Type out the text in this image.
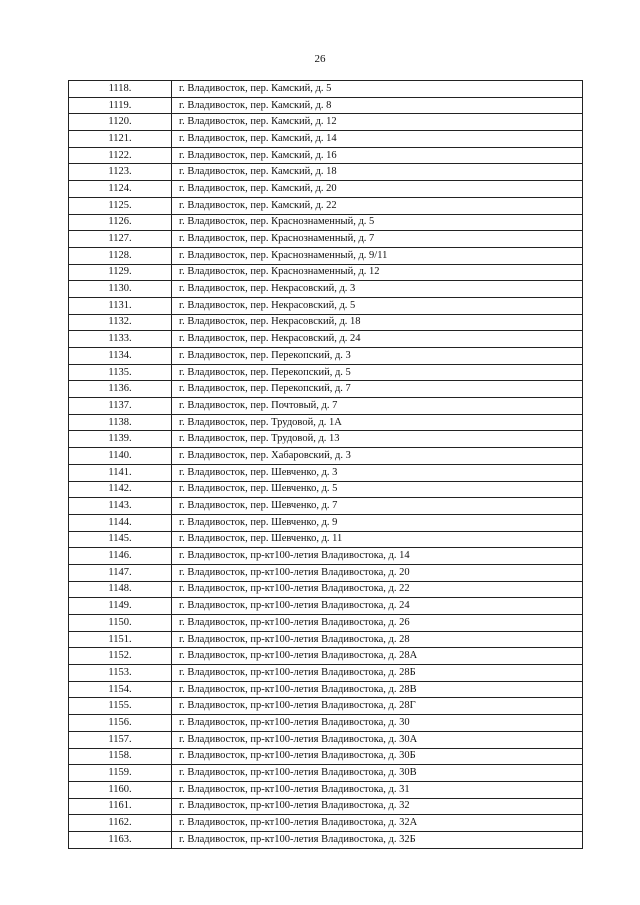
26
1118.	г. Владивосток, пер. Камский, д. 5
1119.	г. Владивосток, пер. Камский, д. 8
1120.	г. Владивосток, пер. Камский, д. 12
1121.	г. Владивосток, пер. Камский, д. 14
1122.	г. Владивосток, пер. Камский, д. 16
1123.	г. Владивосток, пер. Камский, д. 18
1124.	г. Владивосток, пер. Камский, д. 20
1125.	г. Владивосток, пер. Камский, д. 22
1126.	г. Владивосток, пер. Краснознаменный, д. 5
1127.	г. Владивосток, пер. Краснознаменный, д. 7
1128.	г. Владивосток, пер. Краснознаменный, д. 9/11
1129.	г. Владивосток, пер. Краснознаменный, д. 12
1130.	г. Владивосток, пер. Некрасовский, д. 3
1131.	г. Владивосток, пер. Некрасовский, д. 5
1132.	г. Владивосток, пер. Некрасовский, д. 18
1133.	г. Владивосток, пер. Некрасовский, д. 24
1134.	г. Владивосток, пер. Перекопский, д. 3
1135.	г. Владивосток, пер. Перекопский, д. 5
1136.	г. Владивосток, пер. Перекопский, д. 7
1137.	г. Владивосток, пер. Почтовый, д. 7
1138.	г. Владивосток, пер. Трудовой, д. 1А
1139.	г. Владивосток, пер. Трудовой, д. 13
1140.	г. Владивосток, пер. Хабаровский, д. 3
1141.	г. Владивосток, пер. Шевченко, д. 3
1142.	г. Владивосток, пер. Шевченко, д. 5
1143.	г. Владивосток, пер. Шевченко, д. 7
1144.	г. Владивосток, пер. Шевченко, д. 9
1145.	г. Владивосток, пер. Шевченко, д. 11
1146.	г. Владивосток, пр-кт100-летия Владивостока, д. 14
1147.	г. Владивосток, пр-кт100-летия Владивостока, д. 20
1148.	г. Владивосток, пр-кт100-летия Владивостока, д. 22
1149.	г. Владивосток, пр-кт100-летия Владивостока, д. 24
1150.	г. Владивосток, пр-кт100-летия Владивостока, д. 26
1151.	г. Владивосток, пр-кт100-летия Владивостока, д. 28
1152.	г. Владивосток, пр-кт100-летия Владивостока, д. 28А
1153.	г. Владивосток, пр-кт100-летия Владивостока, д. 28Б
1154.	г. Владивосток, пр-кт100-летия Владивостока, д. 28В
1155.	г. Владивосток, пр-кт100-летия Владивостока, д. 28Г
1156.	г. Владивосток, пр-кт100-летия Владивостока, д. 30
1157.	г. Владивосток, пр-кт100-летия Владивостока, д. 30А
1158.	г. Владивосток, пр-кт100-летия Владивостока, д. 30Б
1159.	г. Владивосток, пр-кт100-летия Владивостока, д. 30В
1160.	г. Владивосток, пр-кт100-летия Владивостока, д. 31
1161.	г. Владивосток, пр-кт100-летия Владивостока, д. 32
1162.	г. Владивосток, пр-кт100-летия Владивостока, д. 32А
1163.	г. Владивосток, пр-кт100-летия Владивостока, д. 32Б
